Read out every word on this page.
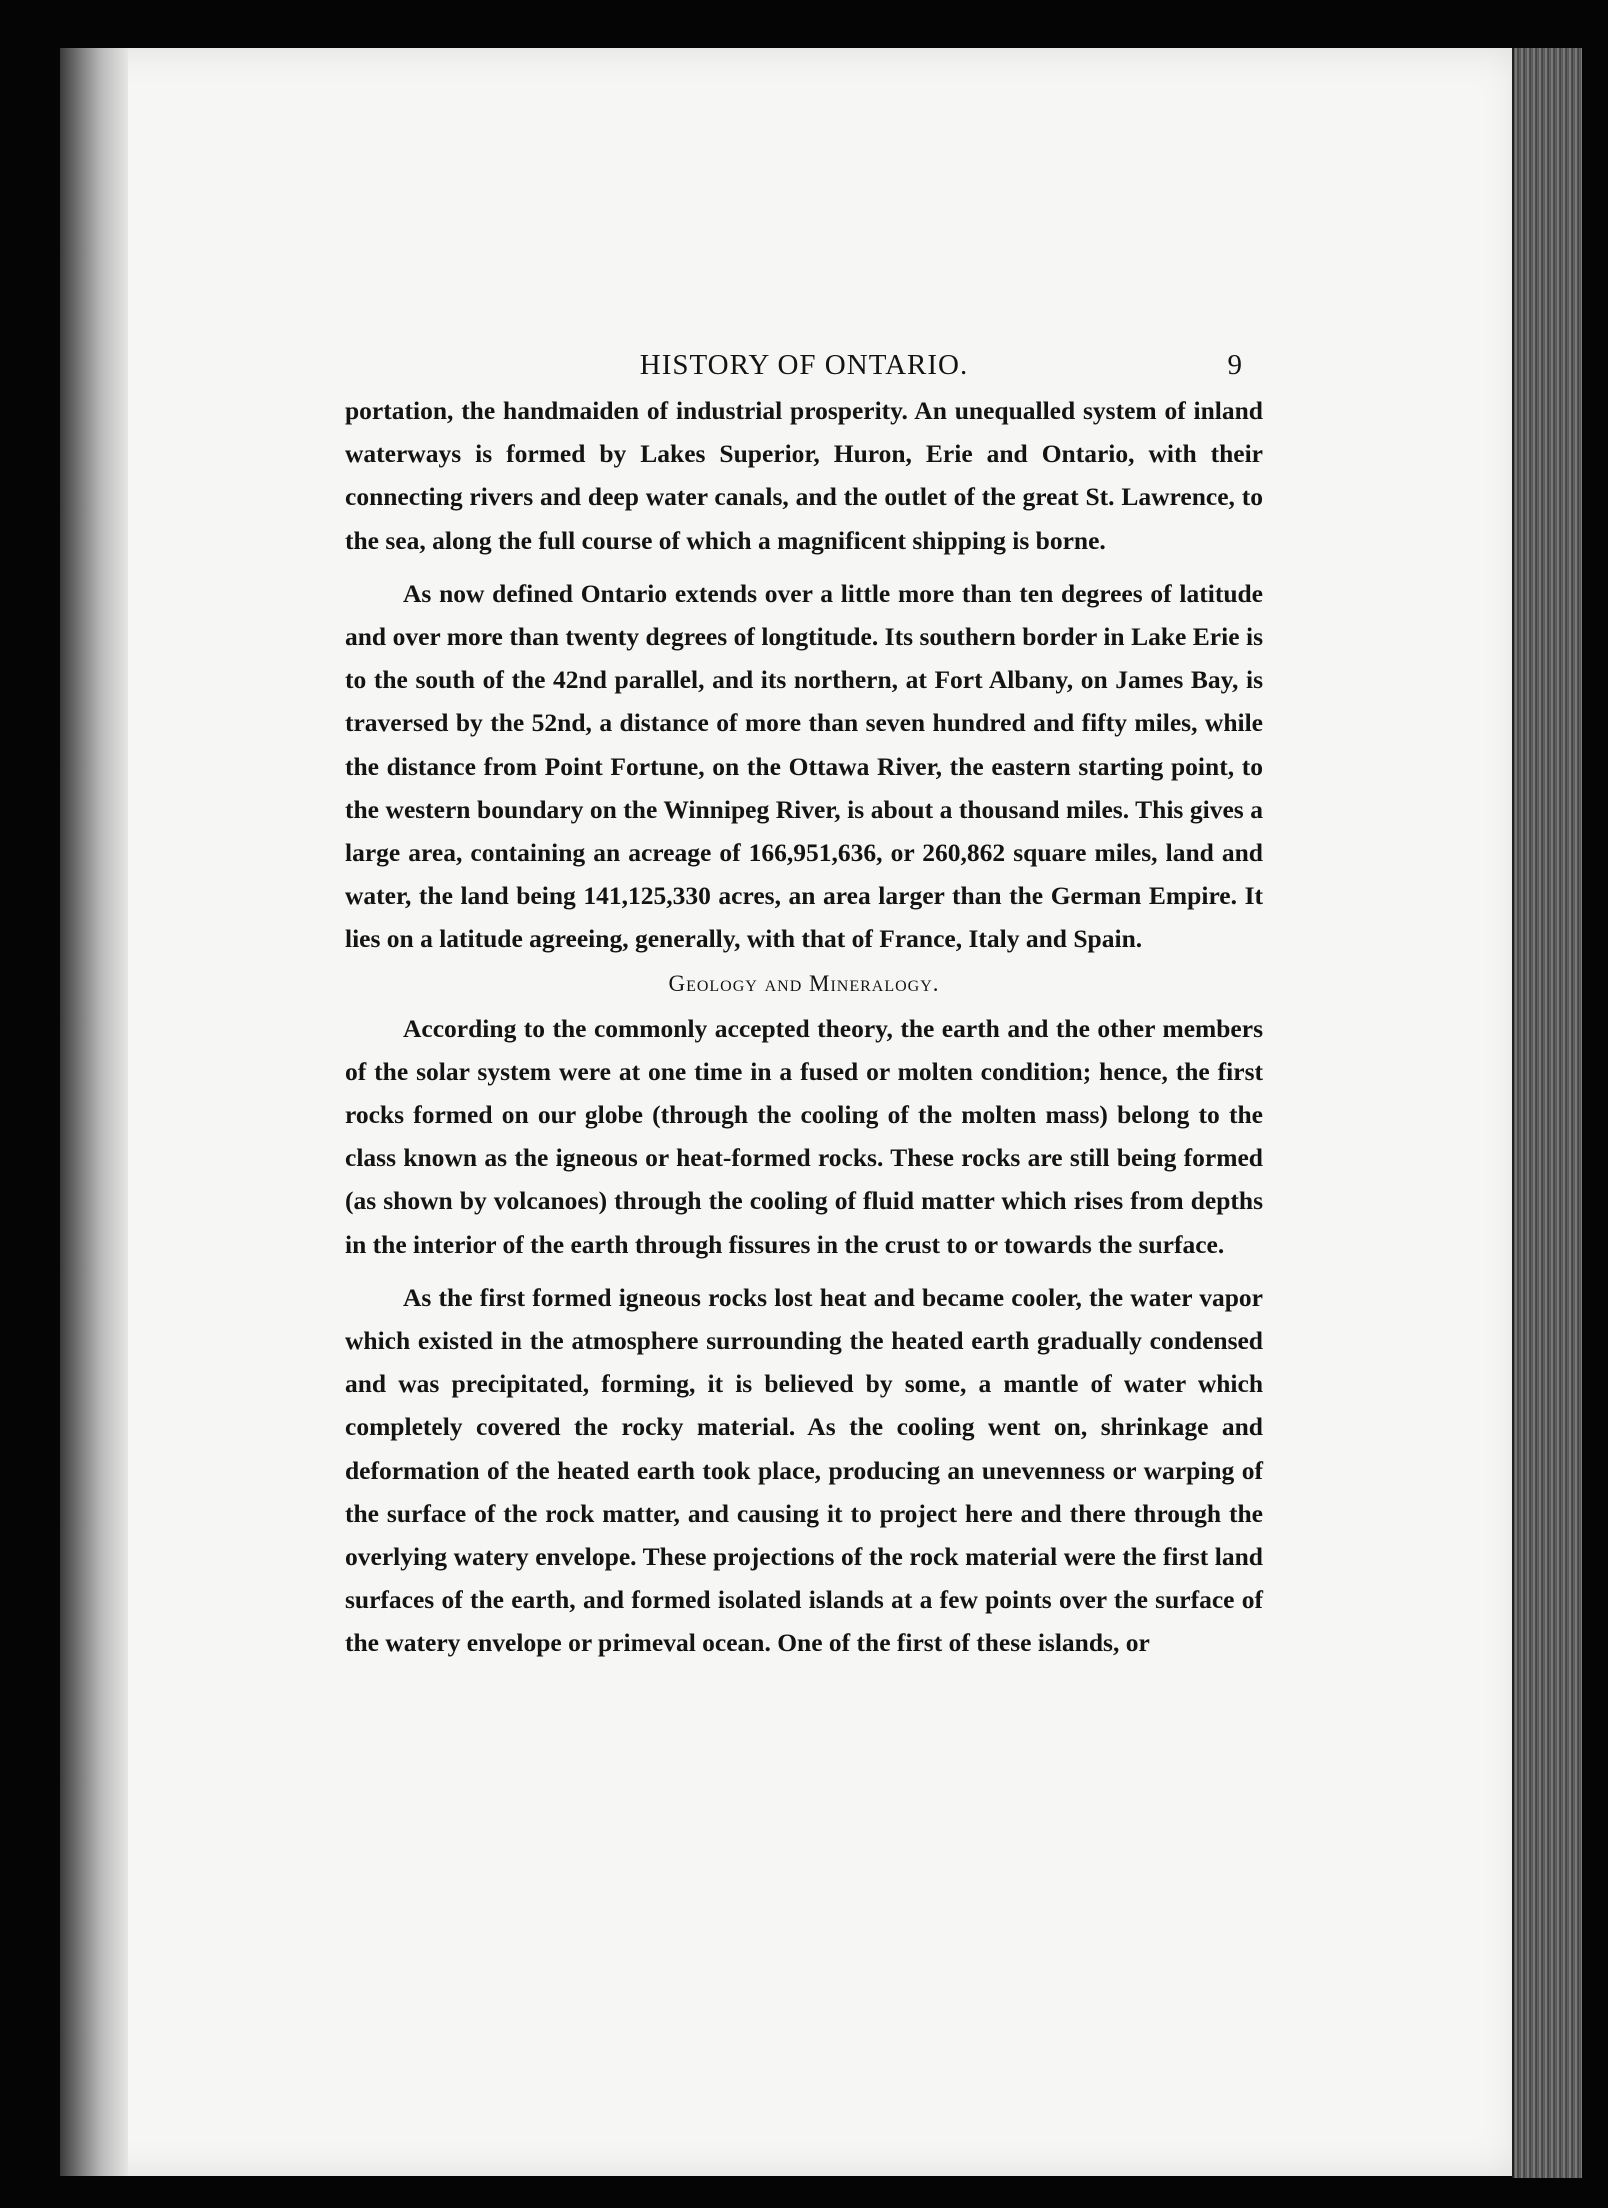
HISTORY OF ONTARIO.	9

portation, the handmaiden of industrial prosperity. An unequalled system of inland waterways is formed by Lakes Superior, Huron, Erie and Ontario, with their connecting rivers and deep water canals, and the outlet of the great St. Lawrence, to the sea, along the full course of which a magnificent shipping is borne.

As now defined Ontario extends over a little more than ten degrees of latitude and over more than twenty degrees of longtitude. Its southern border in Lake Erie is to the south of the 42nd parallel, and its northern, at Fort Albany, on James Bay, is traversed by the 52nd, a distance of more than seven hundred and fifty miles, while the distance from Point Fortune, on the Ottawa River, the eastern starting point, to the western boundary on the Winnipeg River, is about a thousand miles. This gives a large area, containing an acreage of 166,951,636, or 260,862 square miles, land and water, the land being 141,125,330 acres, an area larger than the German Empire. It lies on a latitude agreeing, generally, with that of France, Italy and Spain.

Geology and Mineralogy.

According to the commonly accepted theory, the earth and the other members of the solar system were at one time in a fused or molten condition; hence, the first rocks formed on our globe (through the cooling of the molten mass) belong to the class known as the igneous or heat-formed rocks. These rocks are still being formed (as shown by volcanoes) through the cooling of fluid matter which rises from depths in the interior of the earth through fissures in the crust to or towards the surface.

As the first formed igneous rocks lost heat and became cooler, the water vapor which existed in the atmosphere surrounding the heated earth gradually condensed and was precipitated, forming, it is believed by some, a mantle of water which completely covered the rocky material. As the cooling went on, shrinkage and deformation of the heated earth took place, producing an unevenness or warping of the surface of the rock matter, and causing it to project here and there through the overlying watery envelope. These projections of the rock material were the first land surfaces of the earth, and formed isolated islands at a few points over the surface of the watery envelope or primeval ocean. One of the first of these islands, or
